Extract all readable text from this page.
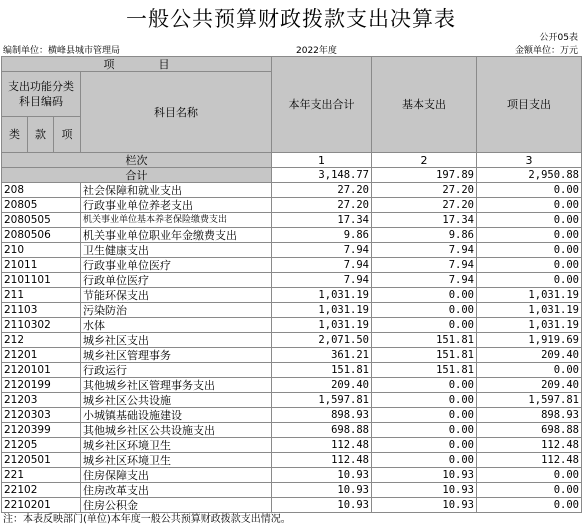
一般公共预算财政拨款支出决算表
公开05表
编制单位：横峰县城市管理局	2022年度	金额单位：万元
项　　　　目				本年支出合计	基本支出	项目支出
支出功能分类科目编码			科目名称			
类	款	项				
栏次				1	2	3
合计				3,148.77	197.89	2,950.88
208			社会保障和就业支出	27.20	27.20	0.00
20805			行政事业单位养老支出	27.20	27.20	0.00
2080505			机关事业单位基本养老保险缴费支出	17.34	17.34	0.00
2080506			机关事业单位职业年金缴费支出	9.86	9.86	0.00
210			卫生健康支出	7.94	7.94	0.00
21011			行政事业单位医疗	7.94	7.94	0.00
2101101			行政单位医疗	7.94	7.94	0.00
211			节能环保支出	1,031.19	0.00	1,031.19
21103			污染防治	1,031.19	0.00	1,031.19
2110302			水体	1,031.19	0.00	1,031.19
212			城乡社区支出	2,071.50	151.81	1,919.69
21201			城乡社区管理事务	361.21	151.81	209.40
2120101			行政运行	151.81	151.81	0.00
2120199			其他城乡社区管理事务支出	209.40	0.00	209.40
21203			城乡社区公共设施	1,597.81	0.00	1,597.81
2120303			小城镇基础设施建设	898.93	0.00	898.93
2120399			其他城乡社区公共设施支出	698.88	0.00	698.88
21205			城乡社区环境卫生	112.48	0.00	112.48
2120501			城乡社区环境卫生	112.48	0.00	112.48
221			住房保障支出	10.93	10.93	0.00
22102			住房改革支出	10.93	10.93	0.00
2210201			住房公积金	10.93	10.93	0.00
注：本表反映部门(单位)本年度一般公共预算财政拨款支出情况。
